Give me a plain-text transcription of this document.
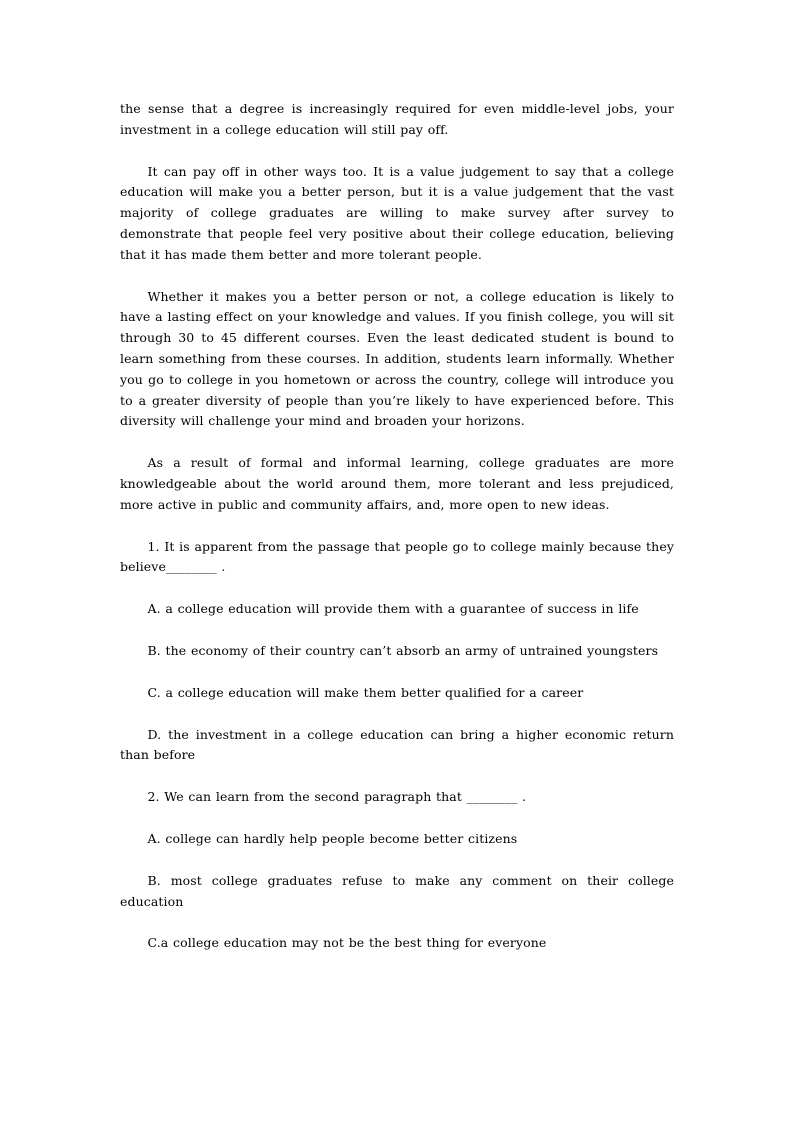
the sense that a degree is increasingly required for even middle-level jobs, your investment in a college education will still pay off.

It can pay off in other ways too. It is a value judgement to say that a college education will make you a better person, but it is a value judgement that the vast majority of college graduates are willing to make survey after survey to demonstrate that people feel very positive about their college education, believing that it has made them better and more tolerant people.

Whether it makes you a better person or not, a college education is likely to have a lasting effect on your knowledge and values. If you finish college, you will sit through 30 to 45 different courses. Even the least dedicated student is bound to learn something from these courses. In addition, students learn informally. Whether you go to college in you hometown or across the country, college will introduce you to a greater diversity of people than you’re likely to have experienced before. This diversity will challenge your mind and broaden your horizons.

As a result of formal and informal learning, college graduates are more knowledgeable about the world around them, more tolerant and less prejudiced, more active in public and community affairs, and, more open to new ideas.

1. It is apparent from the passage that people go to college mainly because they believe________ .

A. a college education will provide them with a guarantee of success in life

B. the economy of their country can’t absorb an army of untrained youngsters

C. a college education will make them better qualified for a career

D. the investment in a college education can bring a higher economic return than before

2. We can learn from the second paragraph that ________ .

A. college can hardly help people become better citizens

B. most college graduates refuse to make any comment on their college education

C.a college education may not be the best thing for everyone
